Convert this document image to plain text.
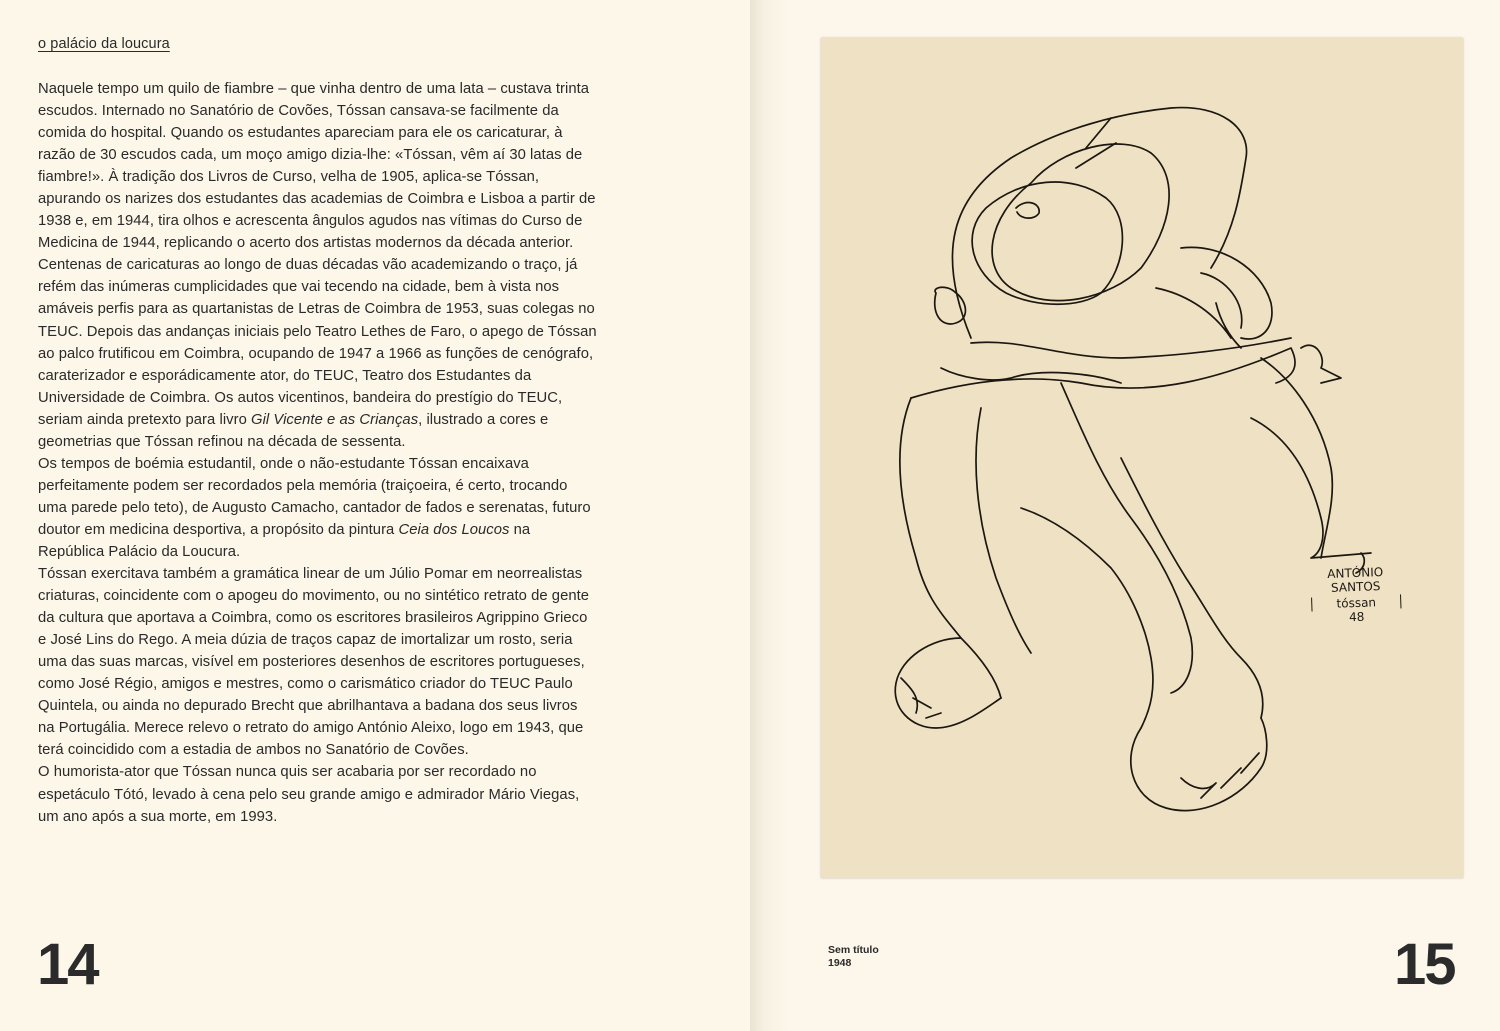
o palácio da loucura

Naquele tempo um quilo de fiambre – que vinha dentro de uma lata – custava trinta escudos. Internado no Sanatório de Covões, Tóssan cansava-se facilmente da comida do hospital. Quando os estudantes apareciam para ele os caricaturar, à razão de 30 escudos cada, um moço amigo dizia-lhe: «Tóssan, vêm aí 30 latas de fiambre!». À tradição dos Livros de Curso, velha de 1905, aplica-se Tóssan, apurando os narizes dos estudantes das academias de Coimbra e Lisboa a partir de 1938 e, em 1944, tira olhos e acrescenta ângulos agudos nas vítimas do Curso de Medicina de 1944, replicando o acerto dos artistas modernos da década anterior. Centenas de caricaturas ao longo de duas décadas vão academizando o traço, já refém das inúmeras cumplicidades que vai tecendo na cidade, bem à vista nos amáveis perfis para as quartanistas de Letras de Coimbra de 1953, suas colegas no TEUC. Depois das andanças iniciais pelo Teatro Lethes de Faro, o apego de Tóssan ao palco frutificou em Coimbra, ocupando de 1947 a 1966 as funções de cenógrafo, caraterizador e esporádicamente ator, do TEUC, Teatro dos Estudantes da Universidade de Coimbra. Os autos vicentinos, bandeira do prestígio do TEUC, seriam ainda pretexto para livro Gil Vicente e as Crianças, ilustrado a cores e geometrias que Tóssan refinou na década de sessenta.

Os tempos de boémia estudantil, onde o não-estudante Tóssan encaixava perfeitamente podem ser recordados pela memória (traiçoeira, é certo, trocando uma parede pelo teto), de Augusto Camacho, cantador de fados e serenatas, futuro doutor em medicina desportiva, a propósito da pintura Ceia dos Loucos na República Palácio da Loucura.

Tóssan exercitava também a gramática linear de um Júlio Pomar em neorrealistas criaturas, coincidente com o apogeu do movimento, ou no sintético retrato de gente da cultura que aportava a Coimbra, como os escritores brasileiros Agrippino Grieco e José Lins do Rego. A meia dúzia de traços capaz de imortalizar um rosto, seria uma das suas marcas, visível em posteriores desenhos de escritores portugueses, como José Régio, amigos e mestres, como o carismático criador do TEUC Paulo Quintela, ou ainda no depurado Brecht que abrilhantava a badana dos seus livros na Portugália. Merece relevo o retrato do amigo António Aleixo, logo em 1943, que terá coincidido com a estadia de ambos no Sanatório de Covões.

O humorista-ator que Tóssan nunca quis ser acabaria por ser recordado no espetáculo Tótó, levado à cena pelo seu grande amigo e admirador Mário Viegas, um ano após a sua morte, em 1993.

14
ANTÓNIO
SANTOS
tóssan
48
Sem título
1948	15
